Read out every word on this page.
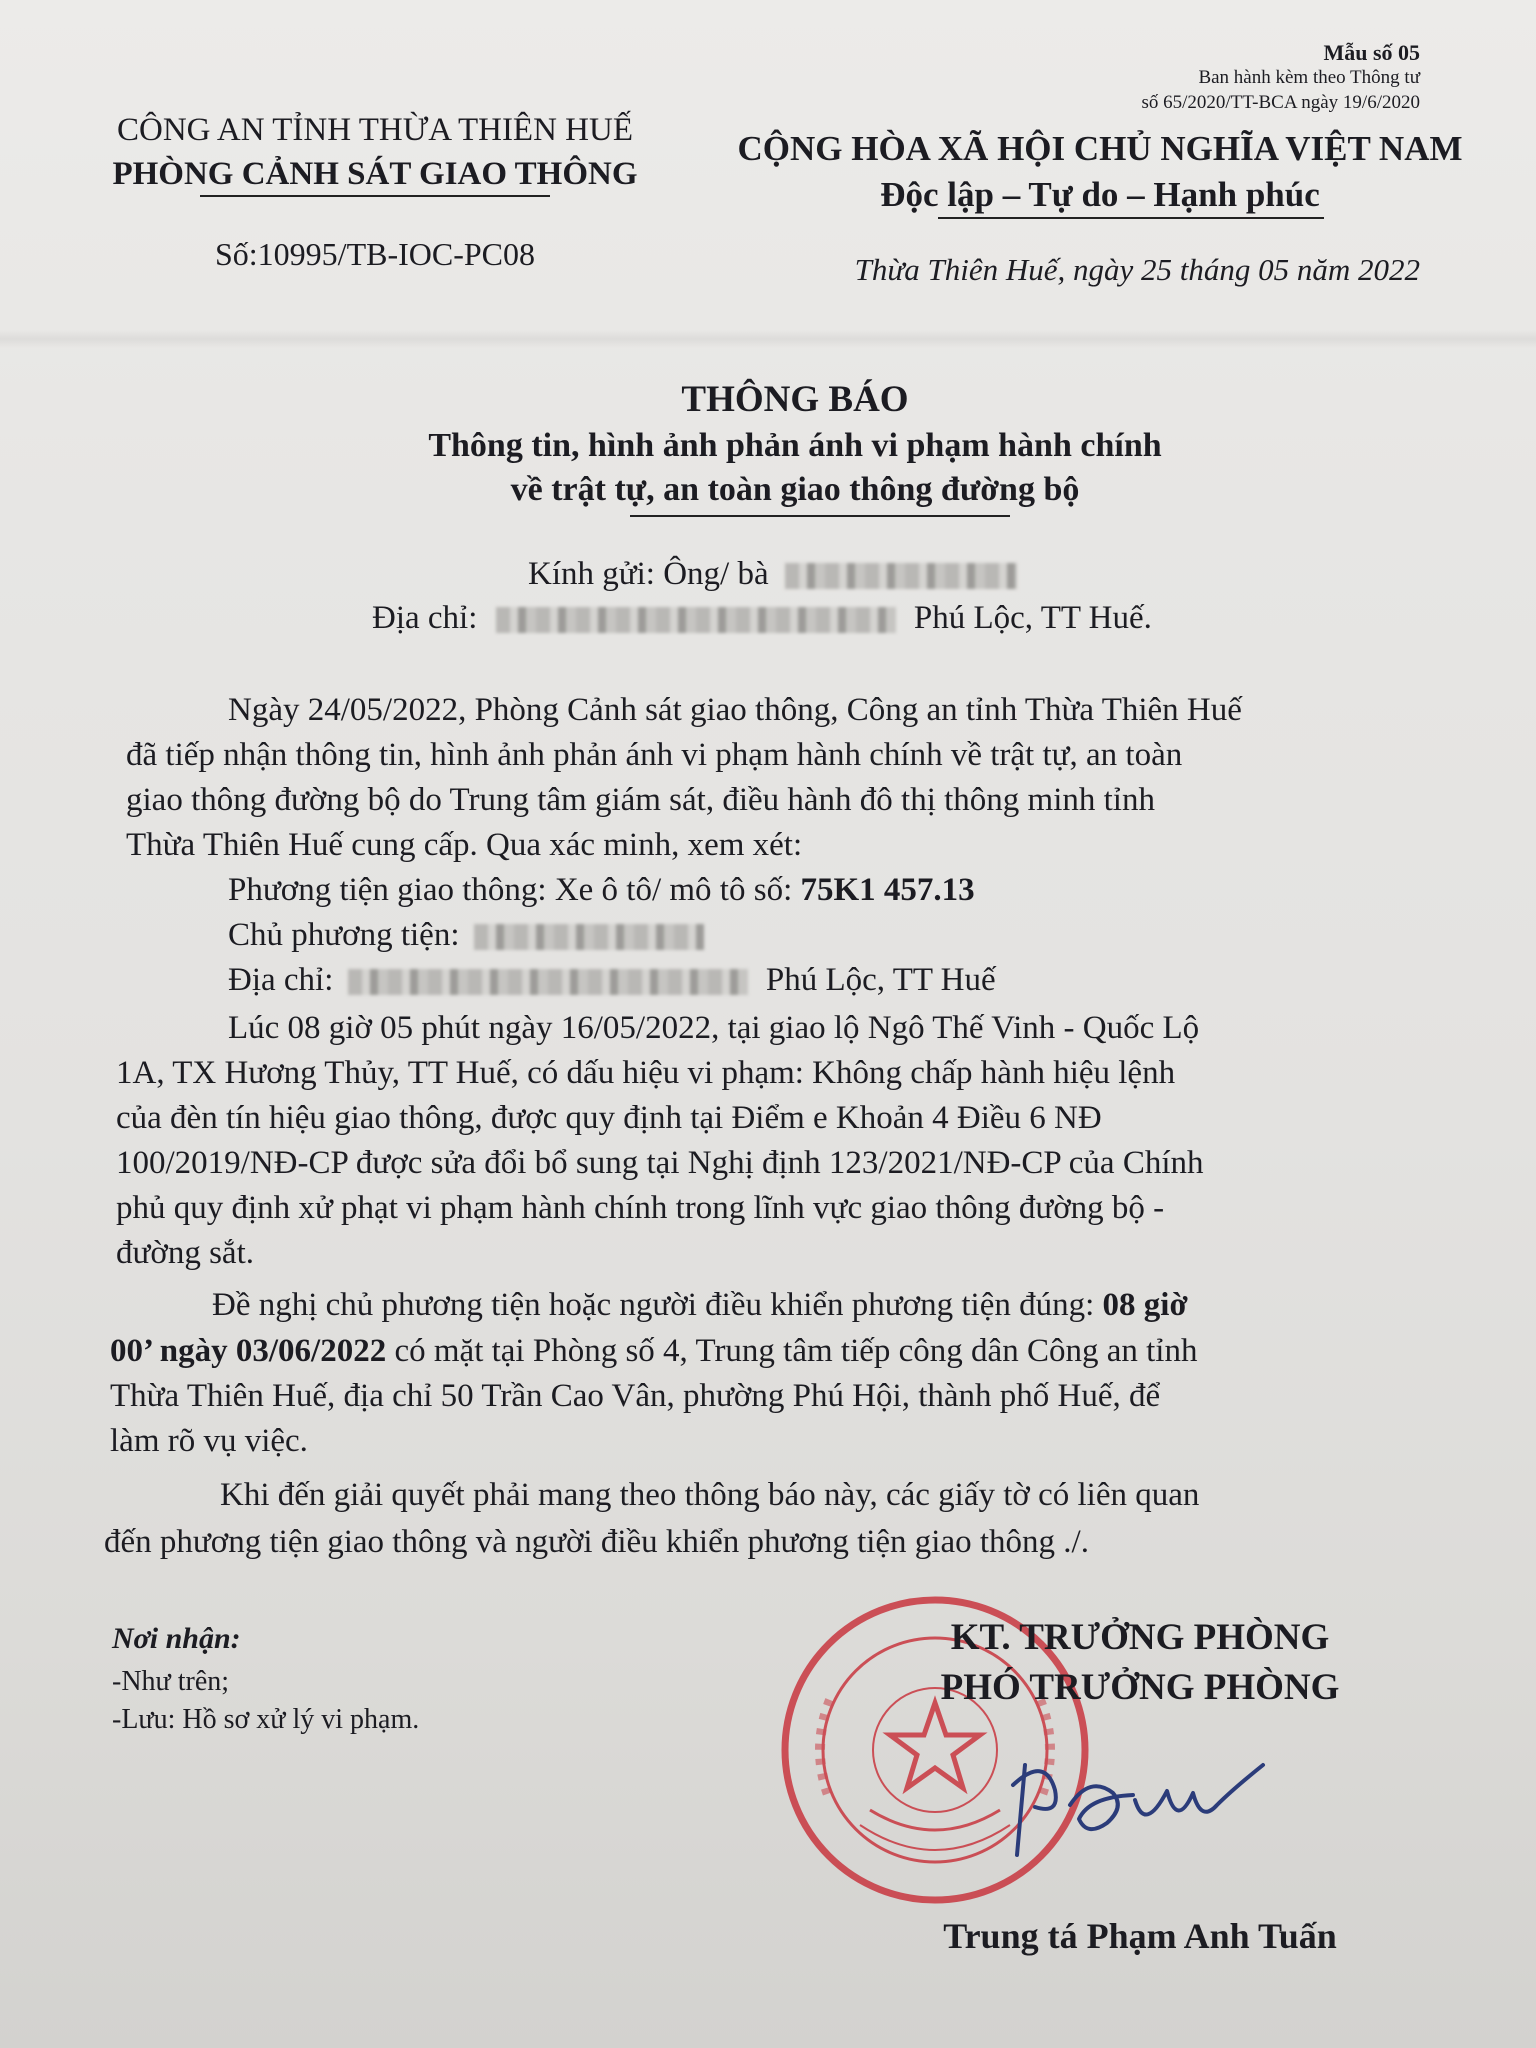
Mẫu số 05
Ban hành kèm theo Thông tư
số 65/2020/TT-BCA ngày 19/6/2020
CÔNG AN TỈNH THỪA THIÊN HUẾ
PHÒNG CẢNH SÁT GIAO THÔNG
Số:10995/TB-IOC-PC08
CỘNG HÒA XÃ HỘI CHỦ NGHĨA VIỆT NAM
Độc lập – Tự do – Hạnh phúc
Thừa Thiên Huế, ngày 25 tháng 05 năm 2022
THÔNG BÁO
Thông tin, hình ảnh phản ánh vi phạm hành chính
về trật tự, an toàn giao thông đường bộ
Kính gửi: Ông/ bà
Địa chỉ:	Phú Lộc, TT Huế.
Ngày 24/05/2022, Phòng Cảnh sát giao thông, Công an tỉnh Thừa Thiên Huế
đã tiếp nhận thông tin, hình ảnh phản ánh vi phạm hành chính về trật tự, an toàn
giao thông đường bộ do Trung tâm giám sát, điều hành đô thị thông minh tỉnh
Thừa Thiên Huế cung cấp. Qua xác minh, xem xét:
Phương tiện giao thông: Xe ô tô/ mô tô số: 75K1 457.13
Chủ phương tiện:
Địa chỉ:	Phú Lộc, TT Huế
Lúc 08 giờ 05 phút ngày 16/05/2022, tại giao lộ Ngô Thế Vinh - Quốc Lộ
1A, TX Hương Thủy, TT Huế, có dấu hiệu vi phạm: Không chấp hành hiệu lệnh
của đèn tín hiệu giao thông, được quy định tại Điểm e Khoản 4 Điều 6 NĐ
100/2019/NĐ-CP được sửa đổi bổ sung tại Nghị định 123/2021/NĐ-CP của Chính
phủ quy định xử phạt vi phạm hành chính trong lĩnh vực giao thông đường bộ -
đường sắt.
Đề nghị chủ phương tiện hoặc người điều khiển phương tiện đúng: 08 giờ
00’ ngày 03/06/2022 có mặt tại Phòng số 4, Trung tâm tiếp công dân Công an tỉnh
Thừa Thiên Huế, địa chỉ 50 Trần Cao Vân, phường Phú Hội, thành phố Huế, để
làm rõ vụ việc.
Khi đến giải quyết phải mang theo thông báo này, các giấy tờ có liên quan
đến phương tiện giao thông và người điều khiển phương tiện giao thông ./.
Nơi nhận:
-Như trên;
-Lưu: Hồ sơ xử lý vi phạm.
KT. TRƯỞNG PHÒNG
PHÓ TRƯỞNG PHÒNG
Trung tá Phạm Anh Tuấn
